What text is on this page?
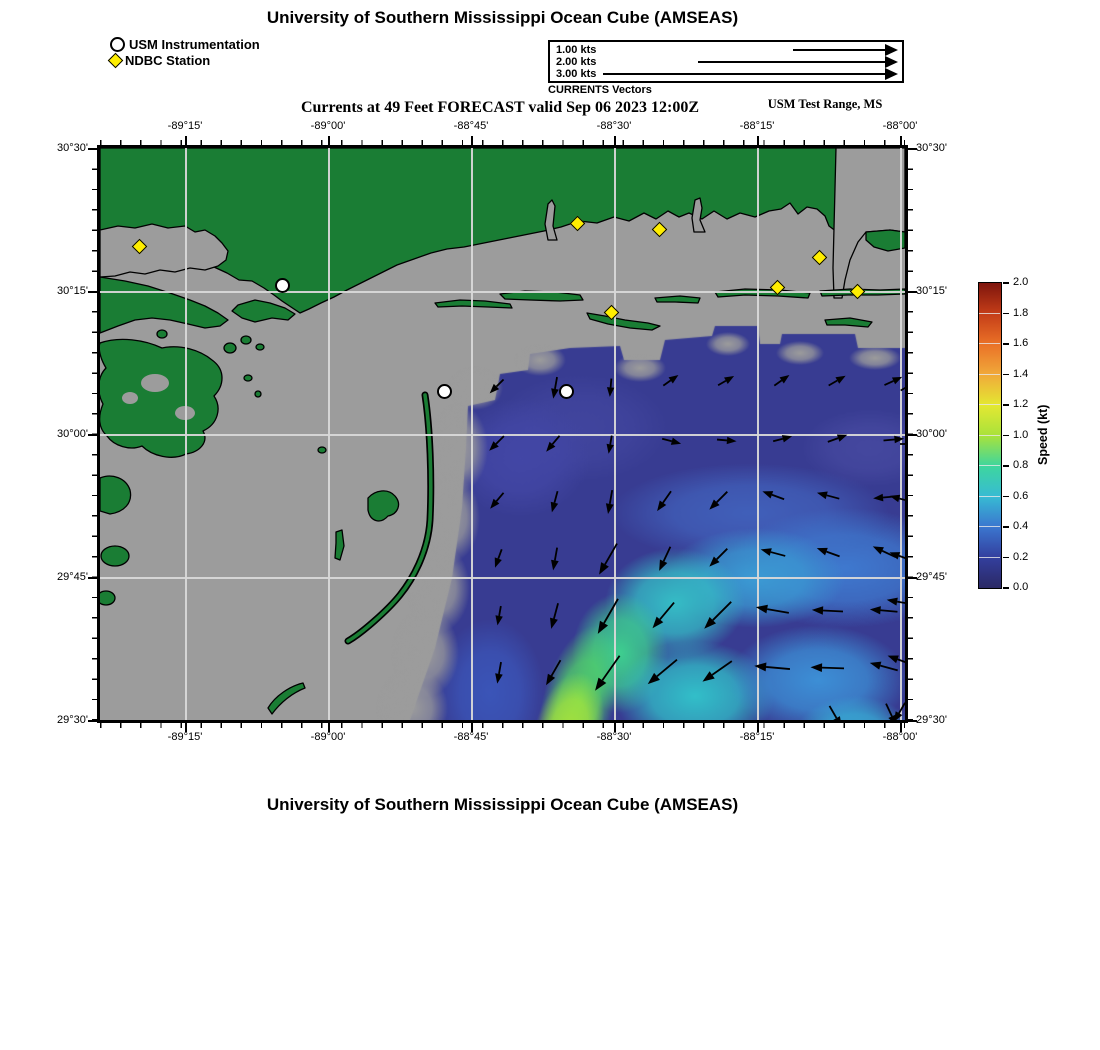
University of Southern Mississippi Ocean Cube (AMSEAS)
USM Instrumentation
NDBC Station
1.00 kts
2.00 kts
3.00 kts
CURRENTS Vectors
Currents at 49 Feet FORECAST valid Sep 06 2023 12:00Z	USM Test Range, MS
Speed (kt)
University of Southern Mississippi Ocean Cube (AMSEAS)
-89°15'
-89°15'
-89°00'
-89°00'
-88°45'
-88°45'
-88°30'
-88°30'
-88°15'
-88°15'
-88°00'
-88°00'
30°30'	30°30'
30°15'	30°15'
30°00'	30°00'
29°45'	29°45'
29°30'	29°30'
2.0
1.8
1.6
1.4
1.2
1.0
0.8
0.6
0.4
0.2
0.0
